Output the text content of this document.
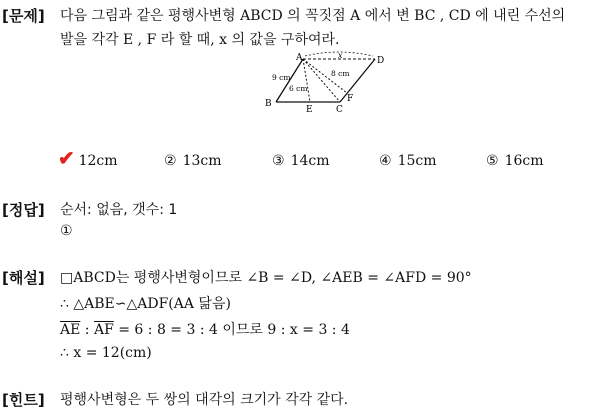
[문제] 다음 그림과 같은 평행사변형 ABCD 의 꼭짓점 A 에서 변 BC , CD 에 내린 수선의
발을 각각 E , F 라 할 때, x 의 값을 구하여라.
A
B
C
D
E
F
x
9 cm
6 cm
8 cm
✔ 12cm	② 13cm	③ 14cm	④ 15cm	⑤ 16cm
[정답] 순서: 없음, 갯수: 1
①
[해설] □ABCD는 평행사변형이므로 ∠B = ∠D, ∠AEB = ∠AFD = 90°
∴ △ABE∽△ADF(AA 닮음)
$\overline{AE}$ : $\overline{AF} = 6$ : 8 = 3 : 4 이므로 9 : x = 3 : 4
∴ x = 12(cm)
[힌트] 평행사변형은 두 쌍의 대각의 크기가 각각 같다.
